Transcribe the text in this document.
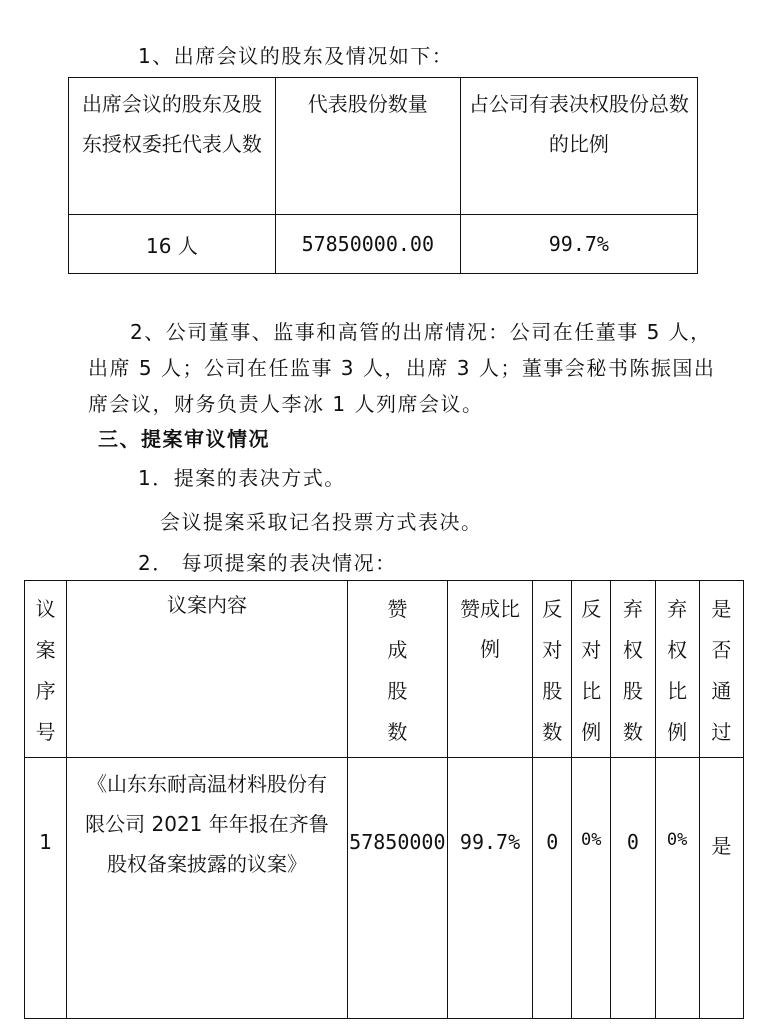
1、出席会议的股东及情况如下：
出席会议的股东及股东授权委托代表人数	代表股份数量	占公司有表决权股份总数的比例

16 人	57850000.00	99.7%
2、公司董事、监事和高管的出席情况：公司在任董事 5 人，
出席 5 人；公司在任监事 3 人，出席 3 人；董事会秘书陈振国出
席会议，财务负责人李冰 1 人列席会议。
三、提案审议情况
1．提案的表决方式。
会议提案采取记名投票方式表决。
2． 每项提案的表决情况：
议案序号	议案内容	赞成股数	赞成比例	反对股数	反对比例	弃权股数	弃权比例	是否通过

1	《山东东耐高温材料股份有限公司 2021 年年报在齐鲁股权备案披露的议案》	57850000	99.7%	0	0%	0	0%	是
